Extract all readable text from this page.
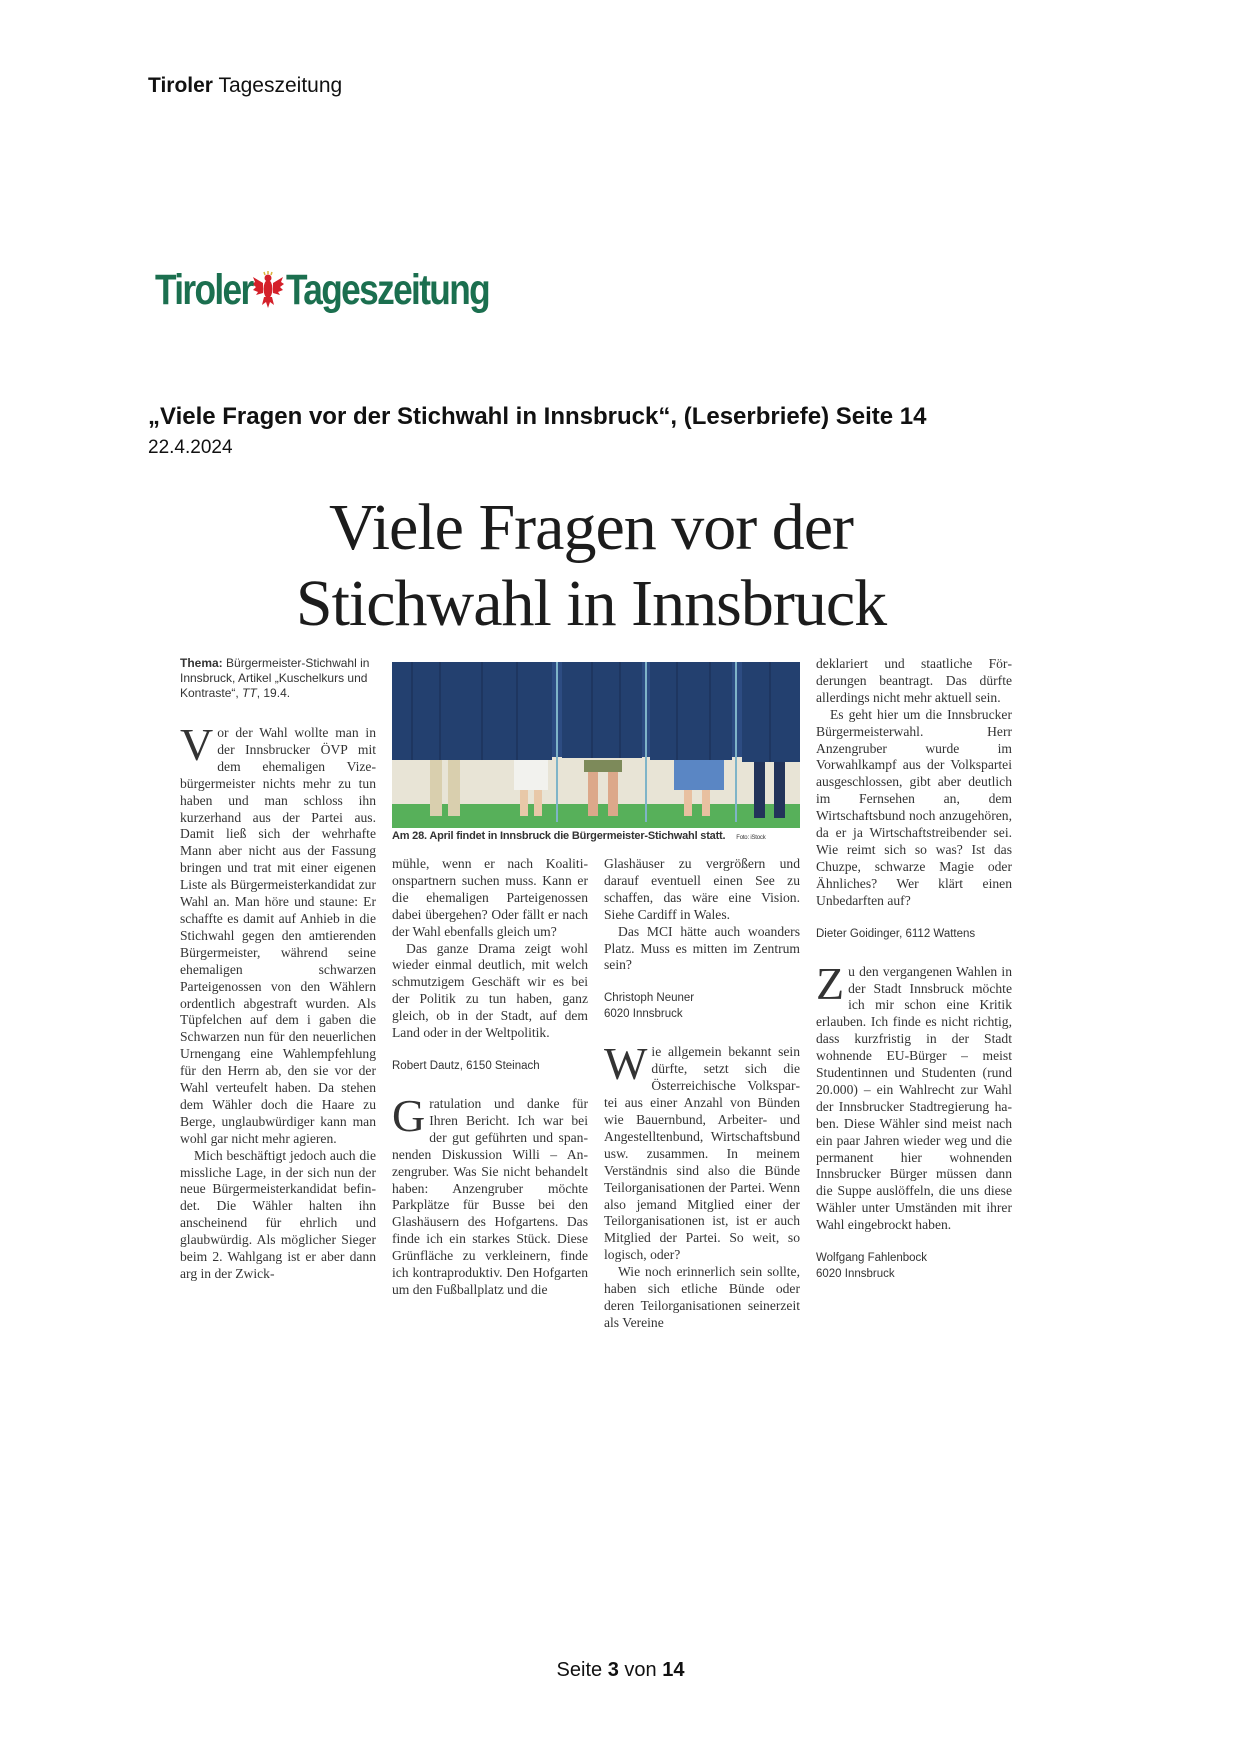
Tiroler Tageszeitung
Tiroler Tageszeitung
„Viele Fragen vor der Stichwahl in Innsbruck“, (Leserbriefe) Seite 14
22.4.2024
Viele Fragen vor der
Stichwahl in Innsbruck
Thema: Bürgermeister-Stichwahl in Innsbruck, Artikel „Kuschelkurs und Kontraste“, TT, 19.4.

Vor der Wahl wollte man in der Innsbrucker ÖVP mit dem ehemaligen Vizebürgermeister nichts mehr zu tun haben und man schloss ihn kurzerhand aus der Partei aus. Damit ließ sich der wehrhafte Mann aber nicht aus der Fassung bringen und trat mit einer eigenen Liste als Bürgermeisterkandidat zur Wahl an. Man höre und staune: Er schaffte es damit auf Anhieb in die Stichwahl gegen den amtierenden Bürgermeister, während seine ehemaligen schwarzen Parteigenossen von den Wählern ordentlich abgestraft wurden. Als Tüpfelchen auf dem i gaben die Schwarzen nun für den neuerlichen Urnengang eine Wahlempfehlung für den Herrn ab, den sie vor der Wahl verteufelt haben. Da stehen dem Wähler doch die Haare zu Berge, unglaubwürdiger kann man wohl gar nicht mehr agieren.

Mich beschäftigt jedoch auch die missliche Lage, in der sich nun der neue Bürgermeisterkandidat befindet. Die Wähler halten ihn anscheinend für ehrlich und glaubwürdig. Als möglicher Sieger beim 2. Wahlgang ist er aber dann arg in der Zwick-

Am 28. April findet in Innsbruck die Bürgermeister-Stichwahl statt. Foto: iStock

mühle, wenn er nach Koalitionspartnern suchen muss. Kann er die ehemaligen Parteigenossen dabei übergehen? Oder fällt er nach der Wahl ebenfalls gleich um?

Das ganze Drama zeigt wohl wieder einmal deutlich, mit welch schmutzigem Geschäft wir es bei der Politik zu tun haben, ganz gleich, ob in der Stadt, auf dem Land oder in der Weltpolitik.

Robert Dautz, 6150 Steinach

Gratulation und danke für Ihren Bericht. Ich war bei der gut geführten und spannenden Diskussion Willi – Anzengruber. Was Sie nicht behandelt haben: Anzengruber möchte Parkplätze für Busse bei den Glashäusern des Hofgartens. Das finde ich ein starkes Stück. Diese Grünfläche zu verkleinern, finde ich kontraproduktiv. Den Hofgarten um den Fußballplatz und die

Glashäuser zu vergrößern und darauf eventuell einen See zu schaffen, das wäre eine Vision. Siehe Cardiff in Wales.

Das MCI hätte auch woanders Platz. Muss es mitten im Zentrum sein?

Christoph Neuner
6020 Innsbruck

Wie allgemein bekannt sein dürfte, setzt sich die Österreichische Volkspartei aus einer Anzahl von Bünden wie Bauernbund, Arbeiter- und Angestelltenbund, Wirtschaftsbund usw. zusammen. In meinem Verständnis sind also die Bünde Teilorganisationen der Partei. Wenn also jemand Mitglied einer der Teilorganisationen ist, ist er auch Mitglied der Partei. So weit, so logisch, oder?

Wie noch erinnerlich sein sollte, haben sich etliche Bünde oder deren Teilorganisationen seinerzeit als Vereine

deklariert und staatliche Förderungen beantragt. Das dürfte allerdings nicht mehr aktuell sein.

Es geht hier um die Innsbrucker Bürgermeisterwahl. Herr Anzengruber wurde im Vorwahlkampf aus der Volkspartei ausgeschlossen, gibt aber deutlich im Fernsehen an, dem Wirtschaftsbund noch anzugehören, da er ja Wirtschaftstreibender sei. Wie reimt sich so was? Ist das Chuzpe, schwarze Magie oder Ähnliches? Wer klärt einen Unbedarften auf?

Dieter Goidinger, 6112 Wattens

Zu den vergangenen Wahlen in der Stadt Innsbruck möchte ich mir schon eine Kritik erlauben. Ich finde es nicht richtig, dass kurzfristig in der Stadt wohnende EU-Bürger – meist Studentinnen und Studenten (rund 20.000) – ein Wahlrecht zur Wahl der Innsbrucker Stadtregierung haben. Diese Wähler sind meist nach ein paar Jahren wieder weg und die permanent hier wohnenden Innsbrucker Bürger müssen dann die Suppe auslöffeln, die uns diese Wähler unter Umständen mit ihrer Wahl eingebrockt haben.

Wolfgang Fahlenbock
6020 Innsbruck
Seite 3 von 14
